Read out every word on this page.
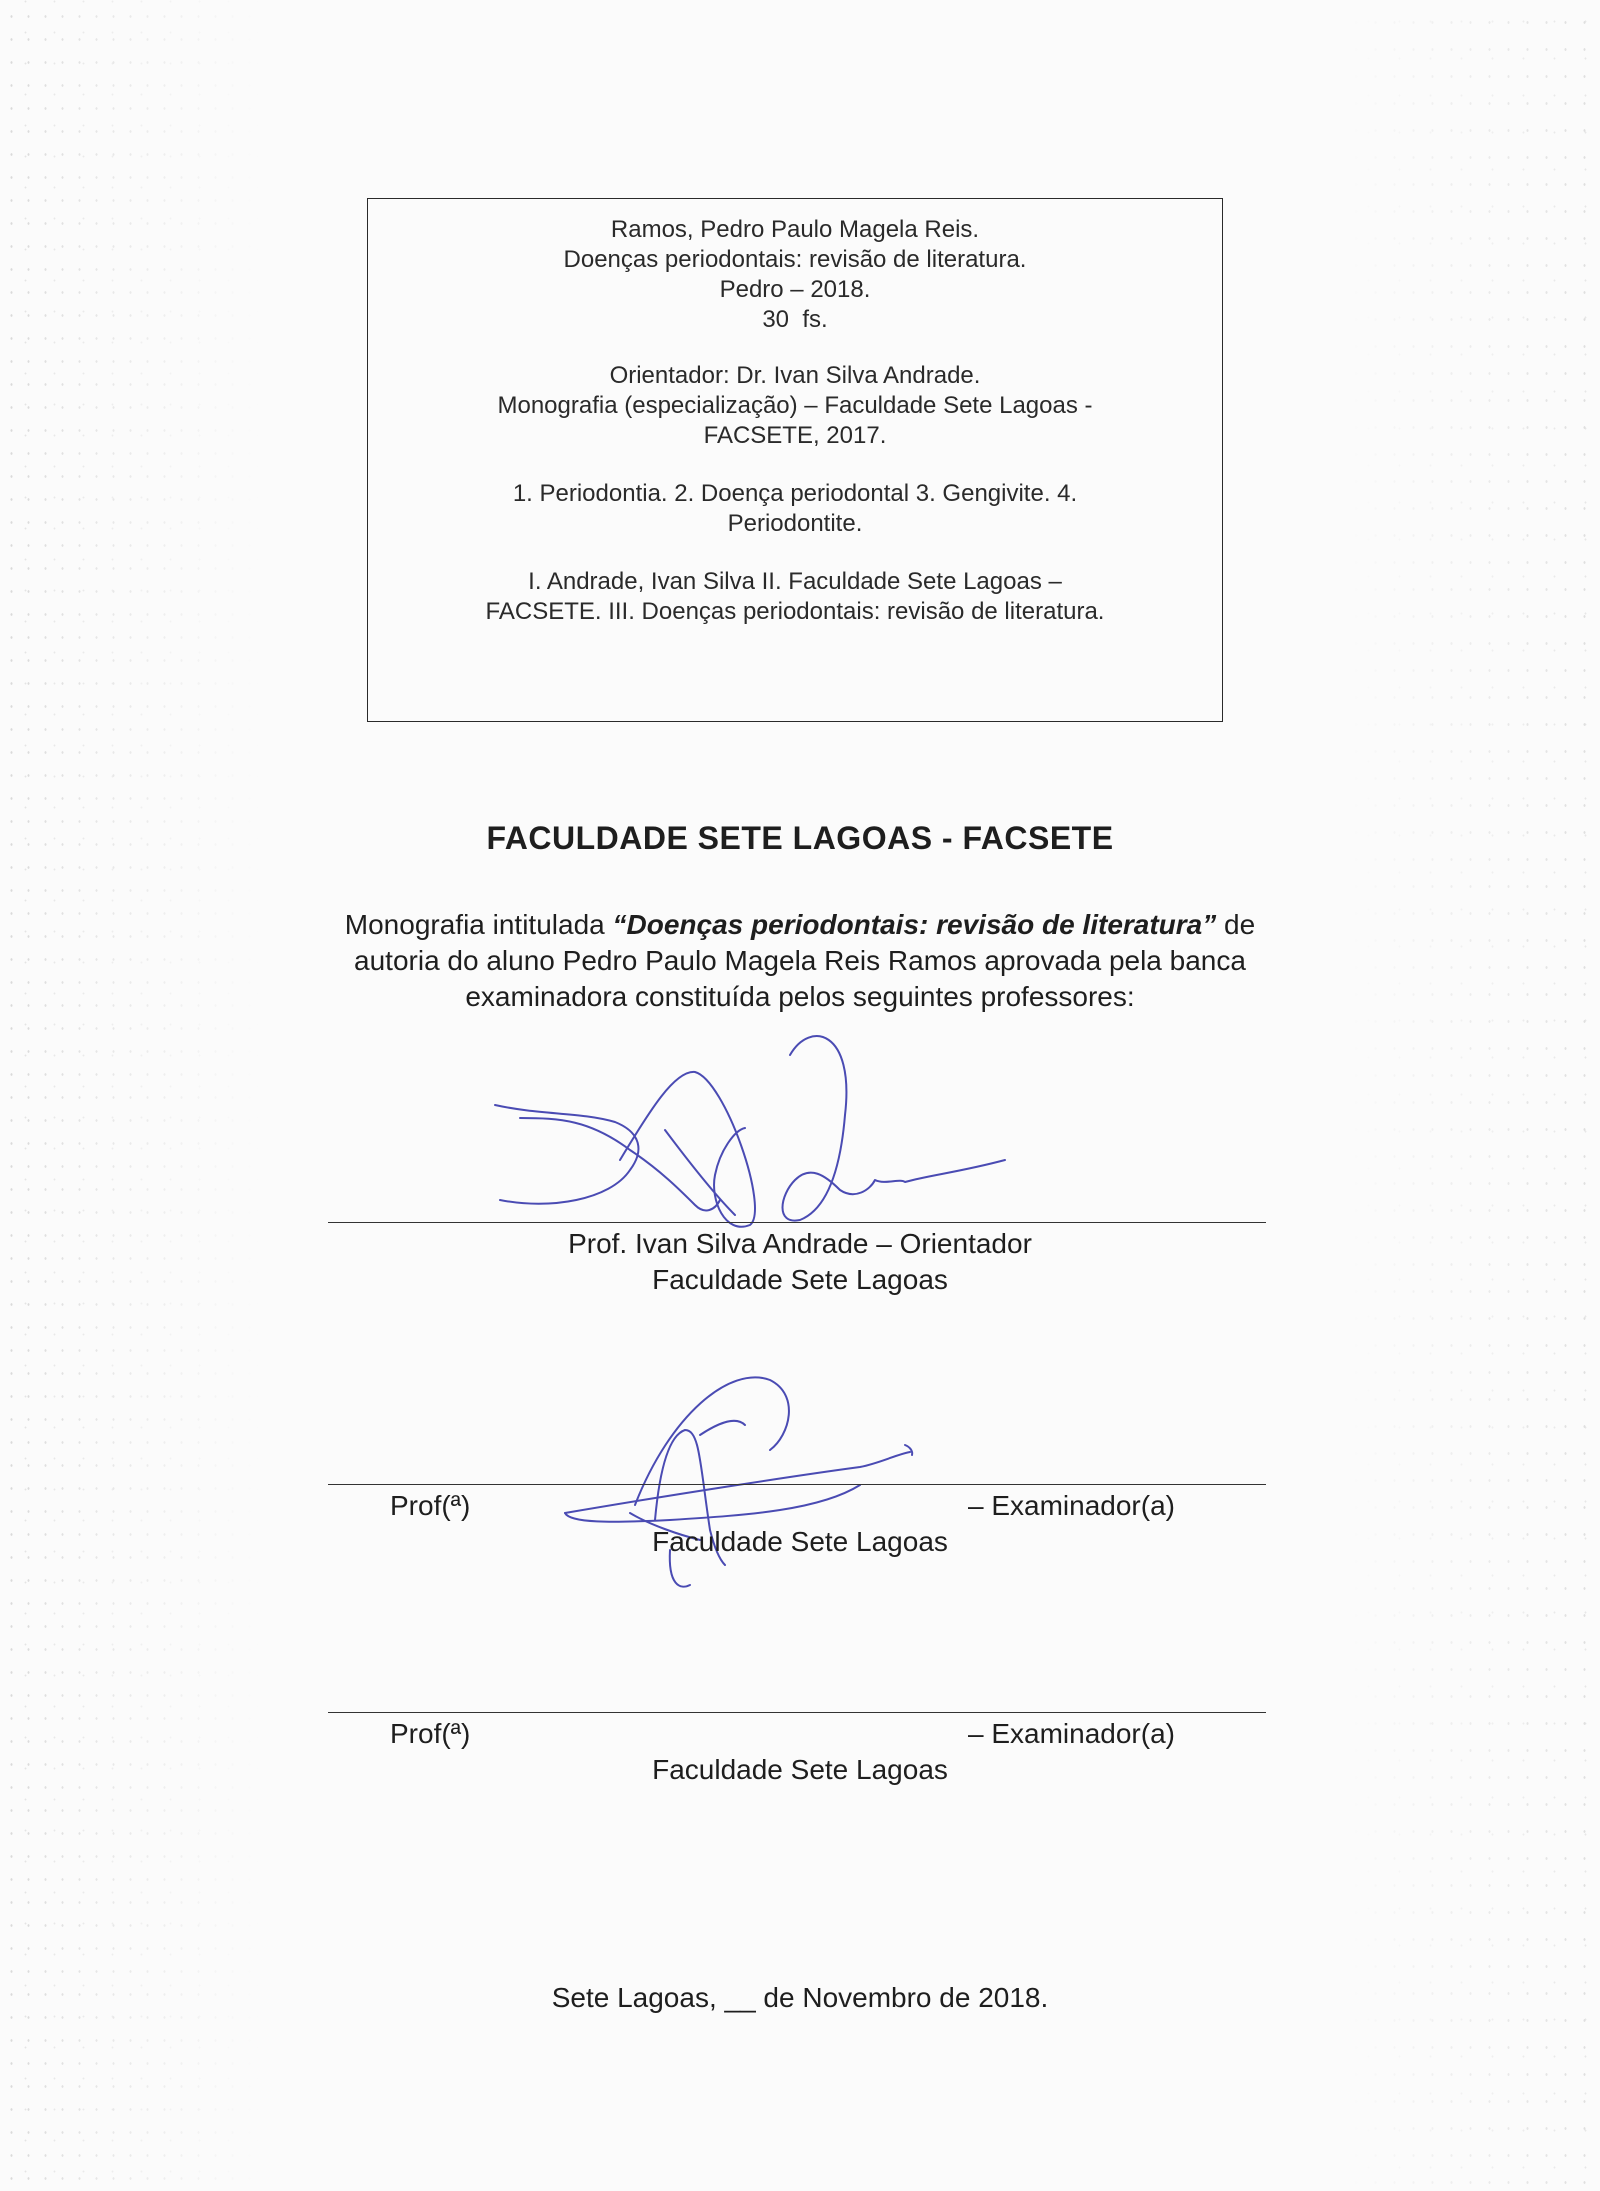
Ramos, Pedro Paulo Magela Reis.
Doenças periodontais: revisão de literatura.
Pedro – 2018.
30  fs.
Orientador: Dr. Ivan Silva Andrade.
Monografia (especialização) – Faculdade Sete Lagoas -
FACSETE, 2017.
1. Periodontia. 2. Doença periodontal 3. Gengivite. 4.
Periodontite.
I. Andrade, Ivan Silva II. Faculdade Sete Lagoas –
FACSETE. III. Doenças periodontais: revisão de literatura.
FACULDADE SETE LAGOAS - FACSETE
Monografia intitulada “Doenças periodontais: revisão de literatura” de
autoria do aluno Pedro Paulo Magela Reis Ramos aprovada pela banca
examinadora constituída pelos seguintes professores:
Prof. Ivan Silva Andrade – Orientador
Faculdade Sete Lagoas
Prof(ª)	– Examinador(a)
Faculdade Sete Lagoas
Prof(ª)	– Examinador(a)
Faculdade Sete Lagoas
Sete Lagoas, __ de Novembro de 2018.
